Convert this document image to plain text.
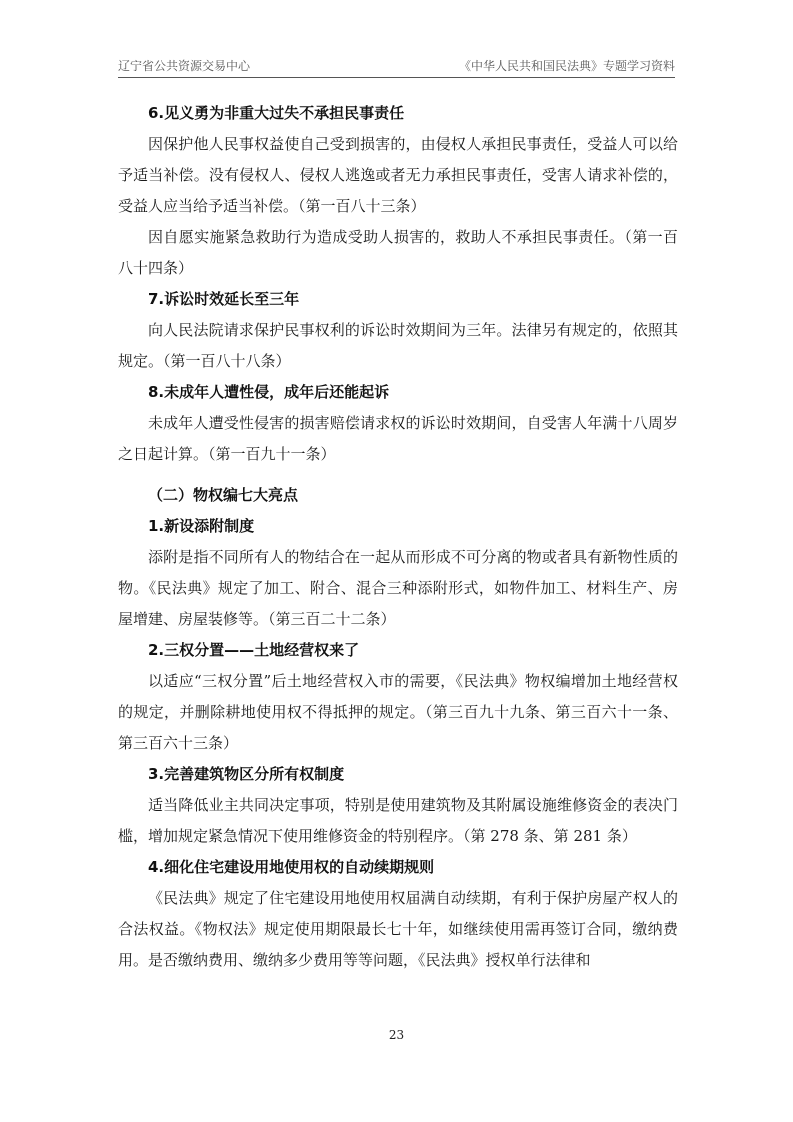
辽宁省公共资源交易中心	《中华人民共和国民法典》专题学习资料

6.见义勇为非重大过失不承担民事责任

因保护他人民事权益使自己受到损害的，由侵权人承担民事责任，受益人可以给予适当补偿。没有侵权人、侵权人逃逸或者无力承担民事责任，受害人请求补偿的，受益人应当给予适当补偿。（第一百八十三条）

因自愿实施紧急救助行为造成受助人损害的，救助人不承担民事责任。（第一百八十四条）

7.诉讼时效延长至三年

向人民法院请求保护民事权利的诉讼时效期间为三年。法律另有规定的，依照其规定。（第一百八十八条）

8.未成年人遭性侵，成年后还能起诉

未成年人遭受性侵害的损害赔偿请求权的诉讼时效期间，自受害人年满十八周岁之日起计算。（第一百九十一条）

（二）物权编七大亮点

1.新设添附制度

添附是指不同所有人的物结合在一起从而形成不可分离的物或者具有新物性质的物。《民法典》规定了加工、附合、混合三种添附形式，如物件加工、材料生产、房屋增建、房屋装修等。（第三百二十二条）

2.三权分置——土地经营权来了

以适应“三权分置”后土地经营权入市的需要，《民法典》物权编增加土地经营权的规定，并删除耕地使用权不得抵押的规定。（第三百九十九条、第三百六十一条、第三百六十三条）

3.完善建筑物区分所有权制度

适当降低业主共同决定事项，特别是使用建筑物及其附属设施维修资金的表决门槛，增加规定紧急情况下使用维修资金的特别程序。（第 278 条、第 281 条）

4.细化住宅建设用地使用权的自动续期规则

《民法典》规定了住宅建设用地使用权届满自动续期，有利于保护房屋产权人的合法权益。《物权法》规定使用期限最长七十年，如继续使用需再签订合同，缴纳费用。是否缴纳费用、缴纳多少费用等等问题，《民法典》授权单行法律和

23
